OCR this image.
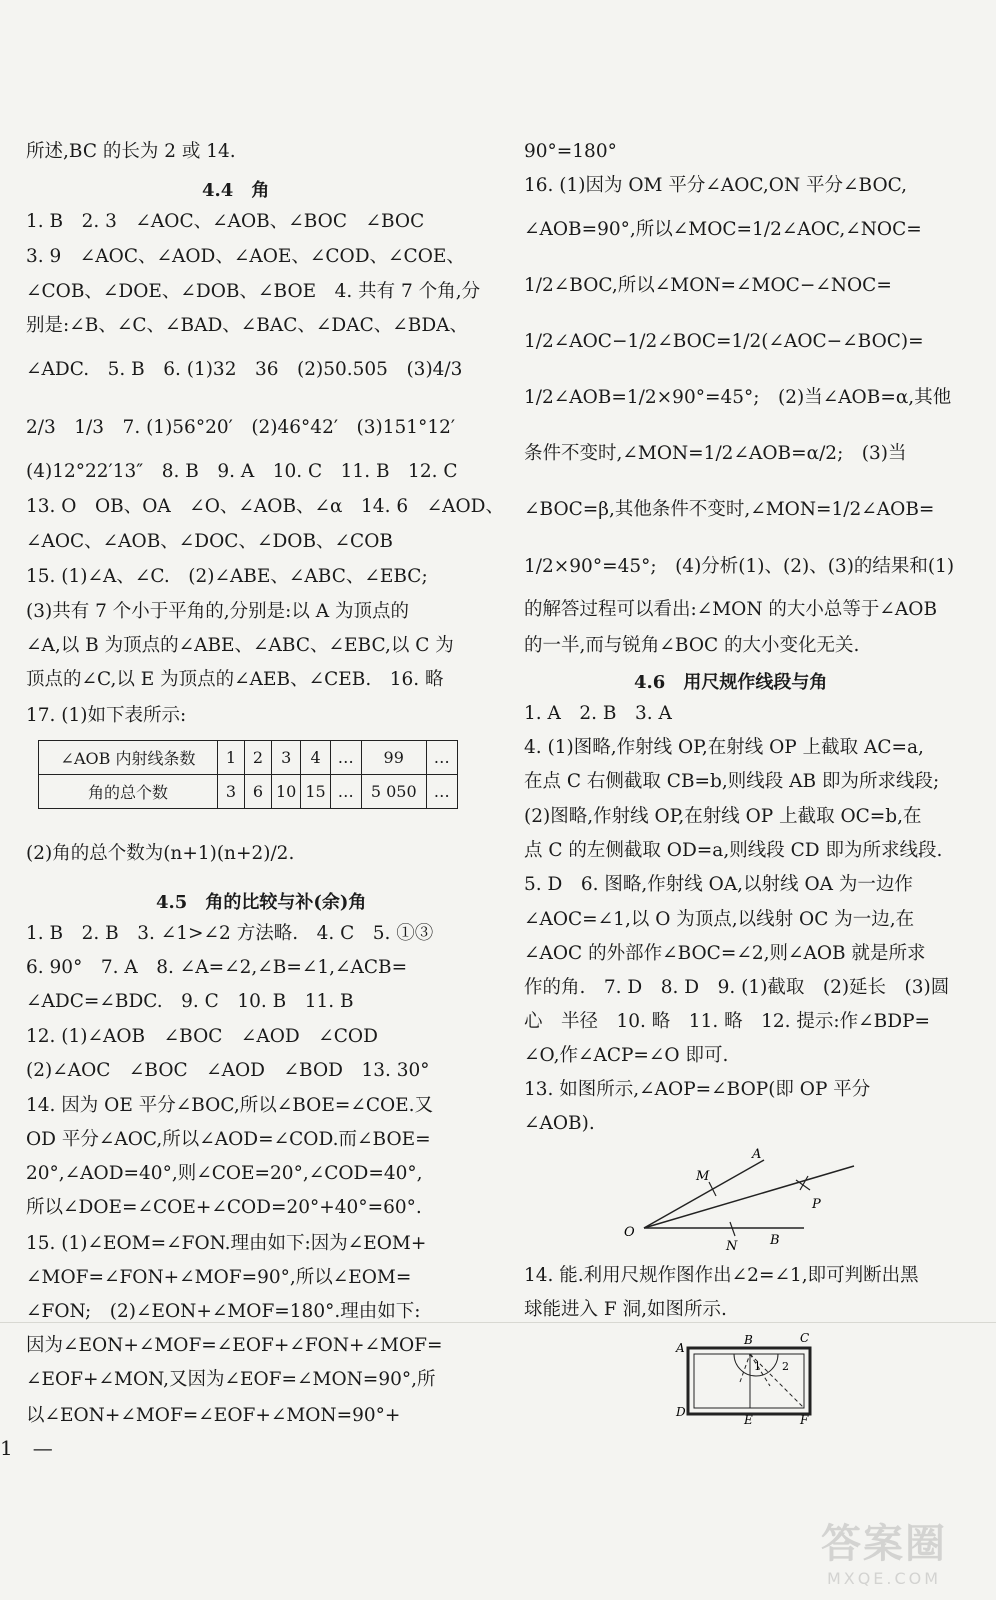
所述,BC 的长为 2 或 14.
4.4　角
1. B　2. 3　∠AOC、∠AOB、∠BOC　∠BOC
3. 9　∠AOC、∠AOD、∠AOE、∠COD、∠COE、
∠COB、∠DOE、∠DOB、∠BOE　4. 共有 7 个角,分
别是:∠B、∠C、∠BAD、∠BAC、∠DAC、∠BDA、
∠ADC.　5. B　6. (1)32　36　(2)50.505　(3)4/3
2/3　1/3　7. (1)56°20′　(2)46°42′　(3)151°12′
(4)12°22′13″　8. B　9. A　10. C　11. B　12. C
13. O　OB、OA　∠O、∠AOB、∠α　14. 6　∠AOD、
∠AOC、∠AOB、∠DOC、∠DOB、∠COB
15. (1)∠A、∠C.　(2)∠ABE、∠ABC、∠EBC;
(3)共有 7 个小于平角的,分别是:以 A 为顶点的
∠A,以 B 为顶点的∠ABE、∠ABC、∠EBC,以 C 为
顶点的∠C,以 E 为顶点的∠AEB、∠CEB.　16. 略
17. (1)如下表所示:
∠AOB 内射线条数	1	2	3	4	…	99	…
角的总个数	3	6	10	15	…	5 050	…
(2)角的总个数为(n+1)(n+2)/2.
4.5　角的比较与补(余)角
1. B　2. B　3. ∠1>∠2 方法略.　4. C　5. ①③
6. 90°　7. A　8. ∠A=∠2,∠B=∠1,∠ACB=
∠ADC=∠BDC.　9. C　10. B　11. B
12. (1)∠AOB　∠BOC　∠AOD　∠COD
(2)∠AOC　∠BOC　∠AOD　∠BOD　13. 30°
14. 因为 OE 平分∠BOC,所以∠BOE=∠COE.又
OD 平分∠AOC,所以∠AOD=∠COD.而∠BOE=
20°,∠AOD=40°,则∠COE=20°,∠COD=40°,
所以∠DOE=∠COE+∠COD=20°+40°=60°.
15. (1)∠EOM=∠FON.理由如下:因为∠EOM+
∠MOF=∠FON+∠MOF=90°,所以∠EOM=
∠FON;　(2)∠EON+∠MOF=180°.理由如下:
因为∠EON+∠MOF=∠EOF+∠FON+∠MOF=
∠EOF+∠MON,又因为∠EOF=∠MON=90°,所
以∠EON+∠MOF=∠EOF+∠MON=90°+
1　—
90°=180°
16. (1)因为 OM 平分∠AOC,ON 平分∠BOC,
∠AOB=90°,所以∠MOC=1/2∠AOC,∠NOC=
1/2∠BOC,所以∠MON=∠MOC−∠NOC=
1/2∠AOC−1/2∠BOC=1/2(∠AOC−∠BOC)=
1/2∠AOB=1/2×90°=45°;　(2)当∠AOB=α,其他
条件不变时,∠MON=1/2∠AOB=α/2;　(3)当
∠BOC=β,其他条件不变时,∠MON=1/2∠AOB=
1/2×90°=45°;　(4)分析(1)、(2)、(3)的结果和(1)
的解答过程可以看出:∠MON 的大小总等于∠AOB
的一半,而与锐角∠BOC 的大小变化无关.
4.6　用尺规作线段与角
1. A　2. B　3. A
4. (1)图略,作射线 OP,在射线 OP 上截取 AC=a,
在点 C 右侧截取 CB=b,则线段 AB 即为所求线段;
(2)图略,作射线 OP,在射线 OP 上截取 OC=b,在
点 C 的左侧截取 OD=a,则线段 CD 即为所求线段.
5. D　6. 图略,作射线 OA,以射线 OA 为一边作
∠AOC=∠1,以 O 为顶点,以线射 OC 为一边,在
∠AOC 的外部作∠BOC=∠2,则∠AOB 就是所求
作的角.　7. D　8. D　9. (1)截取　(2)延长　(3)圆
心　半径　10. 略　11. 略　12. 提示:作∠BDP=
∠O,作∠ACP=∠O 即可.
13. 如图所示,∠AOP=∠BOP(即 OP 平分
∠AOB).
A
M
P
O
N	B
14. 能.利用尺规作图作出∠2=∠1,即可判断出黑
球能进入 F 洞,如图所示.
A
B	C
D
E	F
1 2
答案圈
MXQE.COM
